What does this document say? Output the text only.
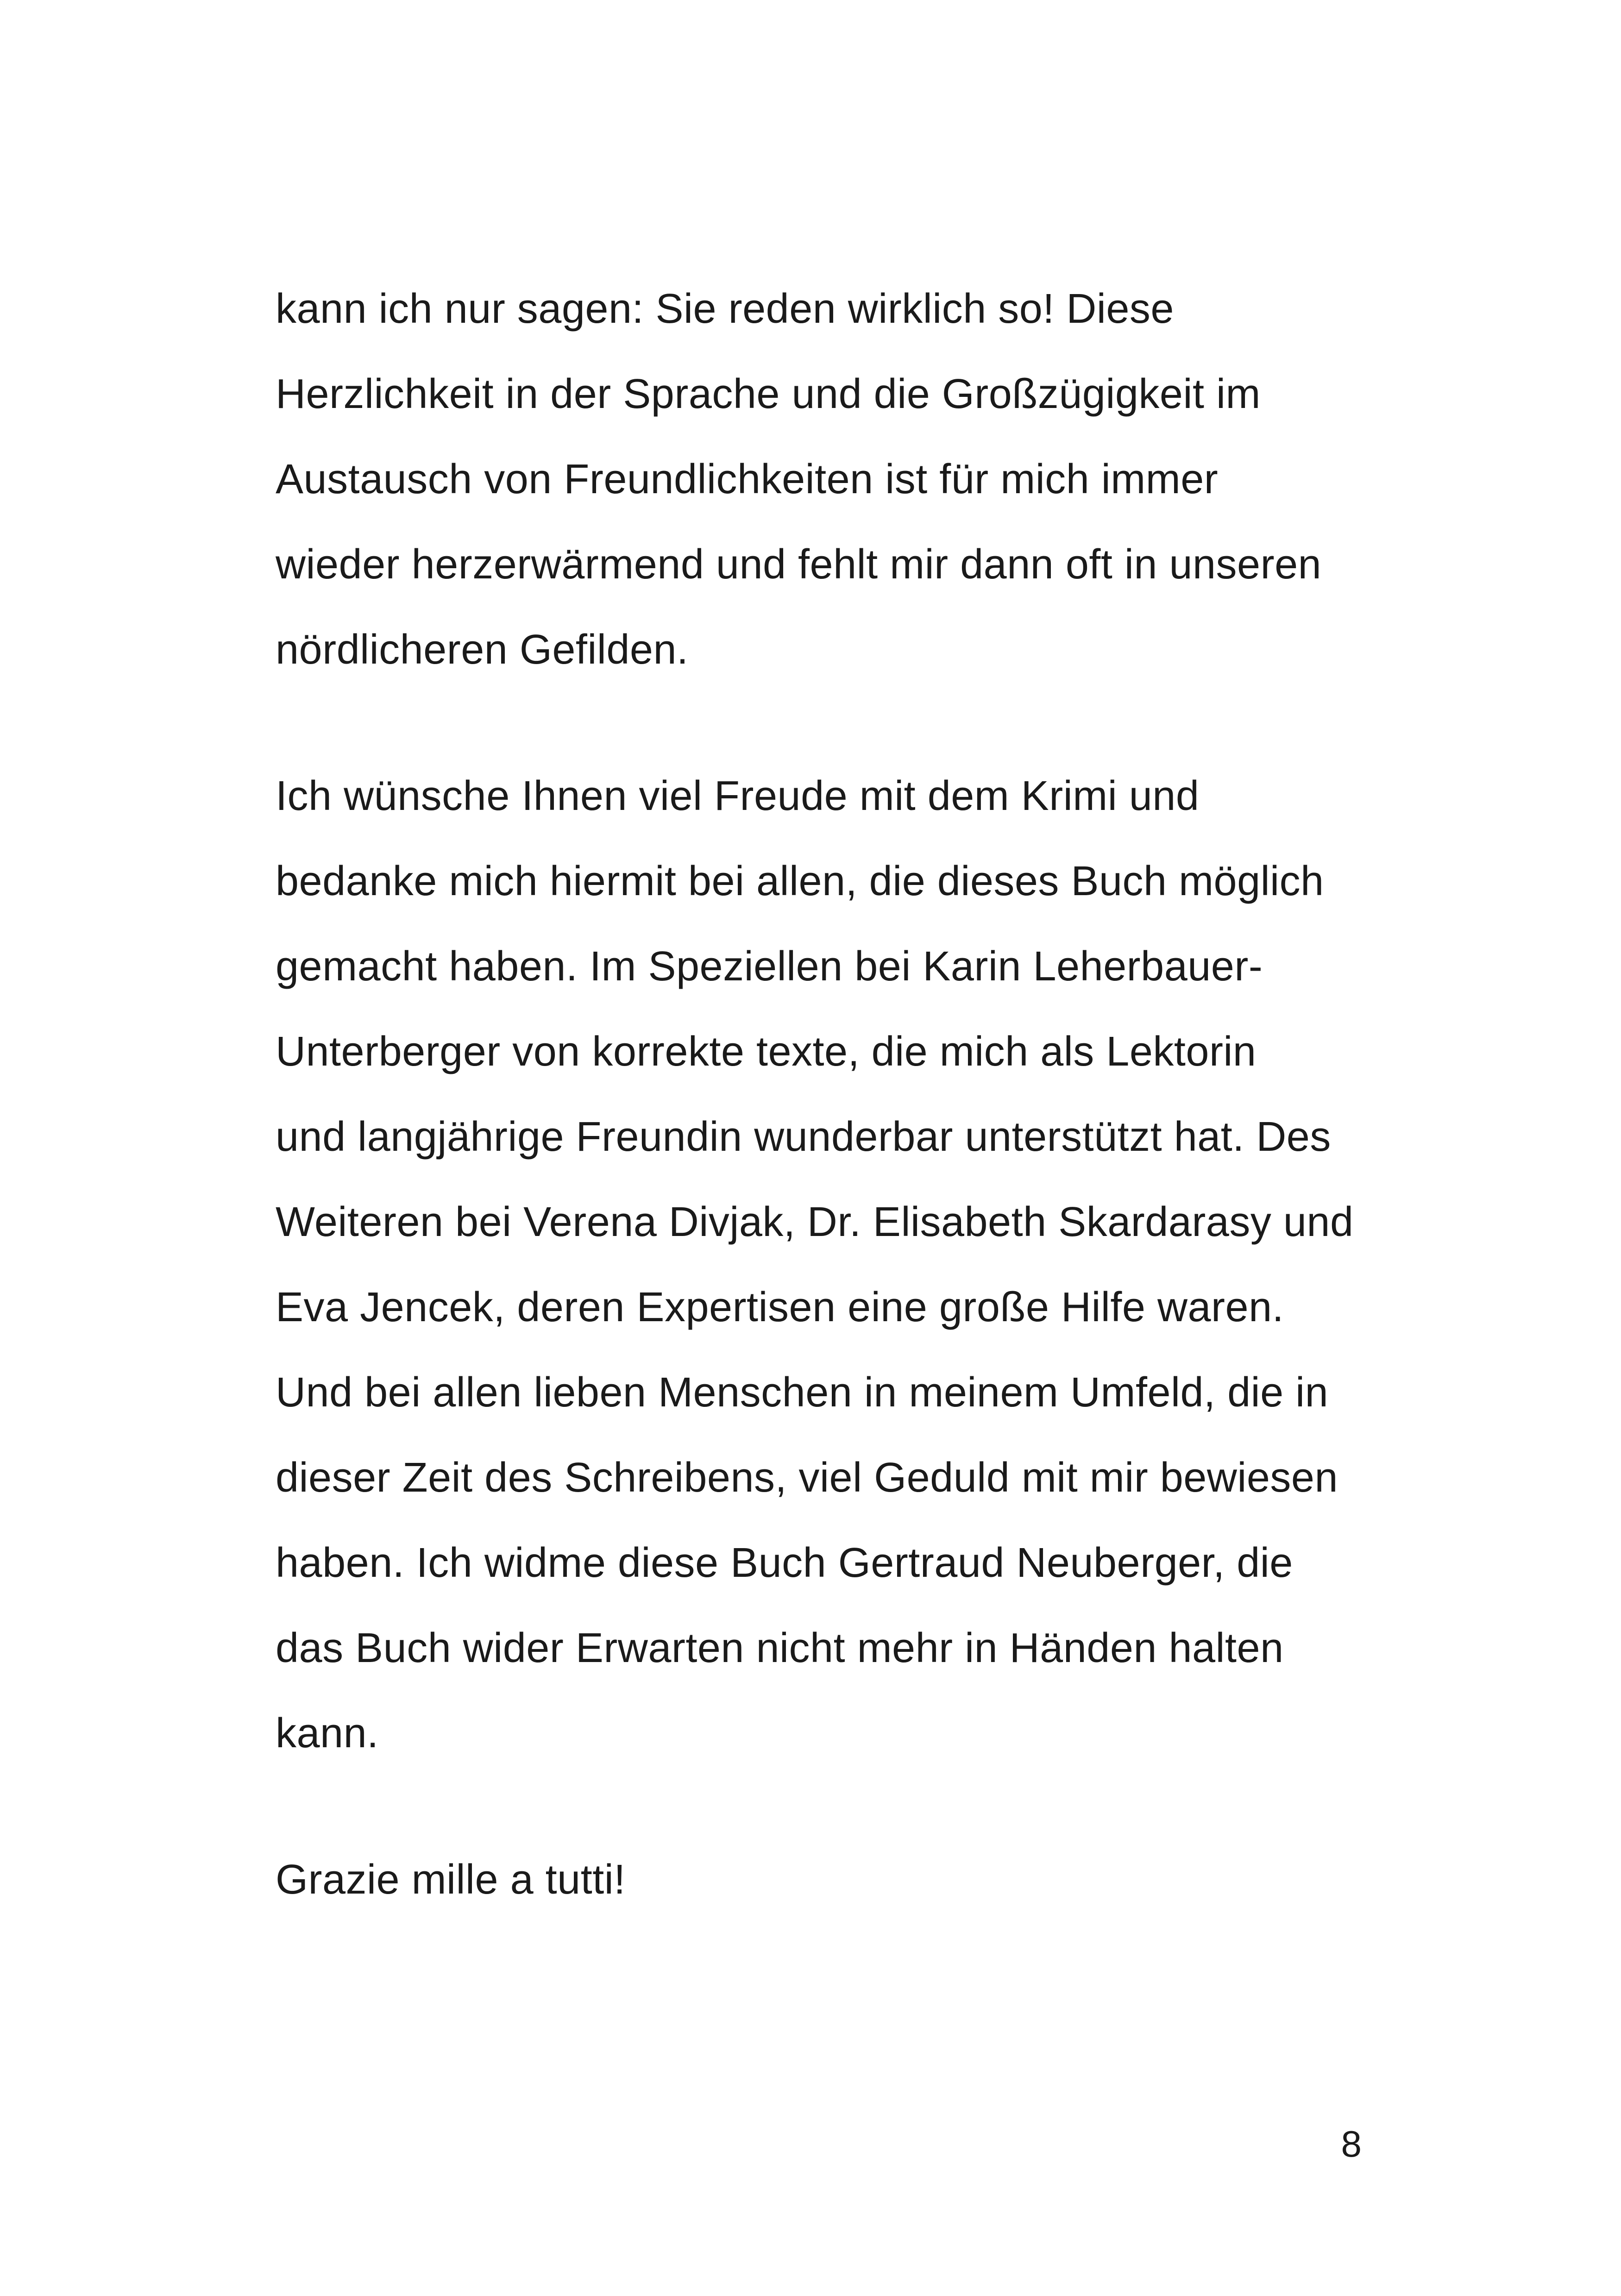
kann ich nur sagen: Sie reden wirklich so! Diese
Herzlichkeit in der Sprache und die Großzügigkeit im
Austausch von Freundlichkeiten ist für mich immer
wieder herzerwärmend und fehlt mir dann oft in unseren
nördlicheren Gefilden.
Ich wünsche Ihnen viel Freude mit dem Krimi und
bedanke mich hiermit bei allen, die dieses Buch möglich
gemacht haben. Im Speziellen bei Karin Leherbauer-
Unterberger von korrekte texte, die mich als Lektorin
und langjährige Freundin wunderbar unterstützt hat. Des
Weiteren bei Verena Divjak, Dr. Elisabeth Skardarasy und
Eva Jencek, deren Expertisen eine große Hilfe waren.
Und bei allen lieben Menschen in meinem Umfeld, die in
dieser Zeit des Schreibens, viel Geduld mit mir bewiesen
haben. Ich widme diese Buch Gertraud Neuberger, die
das Buch wider Erwarten nicht mehr in Händen halten
kann.
Grazie mille a tutti!
8
